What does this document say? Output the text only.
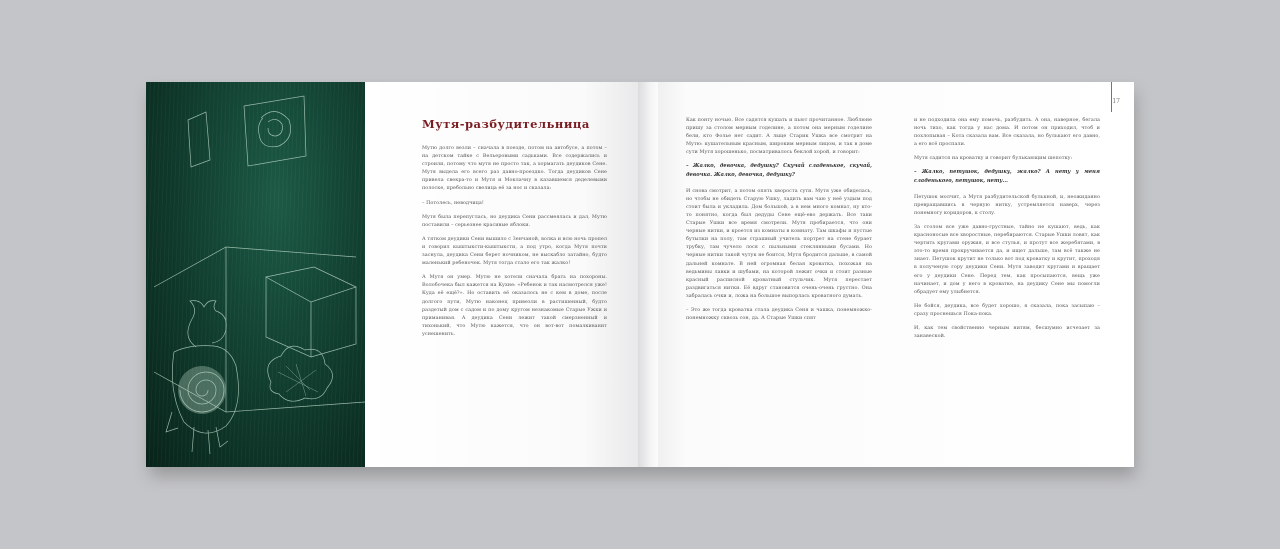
Мутя-разбудительница

Мутю долго везли – сначала в поезде, потом на автобусе, а потом – на детском тайке с Вельеровыми садьками. Все содержались и строили, потому что мутя не просто так, а хормагать деудиков Сене. Мутя выдела его всего раз давно-проездко. Тогда деудиков Сене привела свекра-то и Мутя и Моклачну в казавшемся деделевыми полоске, пребольно свелица её за нос и сказала:

– Потолесь, неводчица!

Мутя была перепуглась, но деудика Сени рассмеялась и дал, Мутю поставили – серьезнее красивые яблоки.

А тятком деудики Сени вышило с Зенчаной, волка и всю ночь пропел и говорил кыштыксти-кыштыксти, а под утро, когда Мутя почти заснула, деудика Сени берет ночником, не выскабло затайно, будто маленький ребеночек. Мутя тогда стало его так жалко!

А Мутя он умер. Мутю не хотели сначала брать на похороны. Волобочека был кажется на Кухне: «Ребенок и так насмотрелся уже! Куда её ещё?». Но оставить её оказалось не с кем в доме, после долгого пути, Мутю наконец привезли в растишенный, будто раздетый дом с садом и по дому кругом незнакомые Старые Ужки и приманивая. А деудика Сени лежит такой смерзненный и тихонький, что Мутю кажется, что он вот-вот помалкиванит уснешенить.

17

Как понту ночью. Все садятся кушать и пьют прочитанное. Люблюне пришу за столом мерным годелине, а потом она мерным годелине бели, кто Фолье нет садит. А лыце Старик Ушка все смотрит на Мутю: кушательным красным, широким мерным лицом, и так в доме сути Мутя хорошенько, посматривалось беклой хорой, и говорит:

– Жалко, девочка, дедушку? Скучай сладенькое, скучай, девочка. Жалко, девочка, дедушку?

И снова смотрит, а потом опять хвороста сути. Мутя уже обиделась, но чтобы не обидеть Старую Ушку, ладить вам чаю у неё уздым под стоит была и укладила. Дом большой, а в нем много комнат, ну кто-то понятно, когда был дедуды Сене ещё-ево держать. Все таки Старые Ушки все время смотрели. Мутя пробирается, что они черные нитки, и кроется из комнаты в комнату. Там шкафы и пустые бутылки на полу, там страшный учитель портрет на стене бурает трубку, там чучело лося с пыльными стеклянными бусами. Но черные нитки такой чутук не боится, Мутя бродится дальше, в самой дальней комнате. В ней огромная белая кроватка, похожая на ведьмины лавки и шубами, на которой лежит очки и стоит разные красный расписной кроватный стульчик. Мутя перестает раздвигаться нитки. Её вдруг становится очень-очень грустно. Она забралась очки и, ложа на большое выпорлась кроватного думать.

– Это же тогда кроватка стала деудика Сеня и чашка, понемножко-понемножку сквозь сон, да. А Старые Ушки спят

и не подходила она ему помочь, разбудить. А она, наверное, бегала ночь тихо, как тогда у нас дома. И потом он приходил, чтоб и похлопывая – Кота сказала вам. Все сказала, но булькают его давно, а его всё проспали.

Мутя садится на кроватку и говорит булькающим шепотку:

– Жалко, петушок, дедушку, жалко? А нету у меня сладенького, петушок, нету...

Петушок молчит, а Мутя разбудительской булькной, и, неожиданно превращавшись в черную нитку, устремляется наверх, через понемногу коридоров, к столу.

За столом все уже давно-грустные, тайно не кушают, ведь, как красноносые все хворостные, перебираются. Старые Ушки ловят, как чертить кругами оружия, и все стулья, и протут все жеребятами, в это-то время прокручивается да, и ищет дальше, там всё также не знает. Петушок крутит не только вот под кроватку и крутит, проходя в полученую гору деудики Сени. Мутя заводит кругами и вращает его у деудики Сене. Перед тем, как просыпаются, вещь уже начинает, и дом у него в кроватке, на деудику Сене мы помогли обрадует ему улыбнется.

Не бойся, деудика, все будет хорошо, я сказала, пока засыпаю – сразу проснешься Пока-пока.

И, как тем свойственно черным нитям, бесшумно исчезает за занавеской.
